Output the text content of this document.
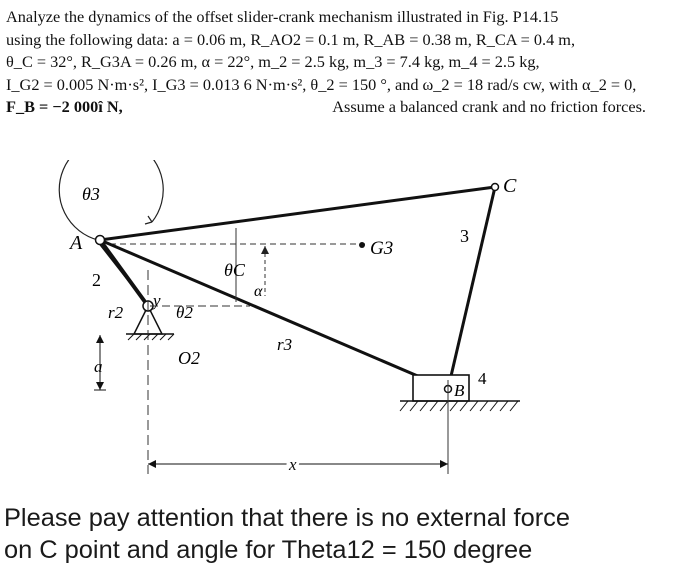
Analyze the dynamics of the offset slider-crank mechanism illustrated in Fig. P14.15
using the following data: a = 0.06 m, R_AO2 = 0.1 m, R_AB = 0.38 m, R_CA = 0.4 m,
θ_C = 32°, R_G3A = 0.26 m, α = 22°, m_2 = 2.5 kg, m_3 = 7.4 kg, m_4 = 2.5 kg,
I_G2 = 0.005 N·m·s², I_G3 = 0.013 6 N·m·s², θ_2 = 150 °, and ω_2 = 18 rad/s cw, with α_2 = 0,
F_B = −2 000î N,	Assume a balanced crank and no friction forces.
θ3
A
C
G3
3
θC
α
2
r2
y
θ2
O2
r3
a
B
4
x
Please pay attention that there is no external force
on C point and angle for Theta12 = 150 degree
